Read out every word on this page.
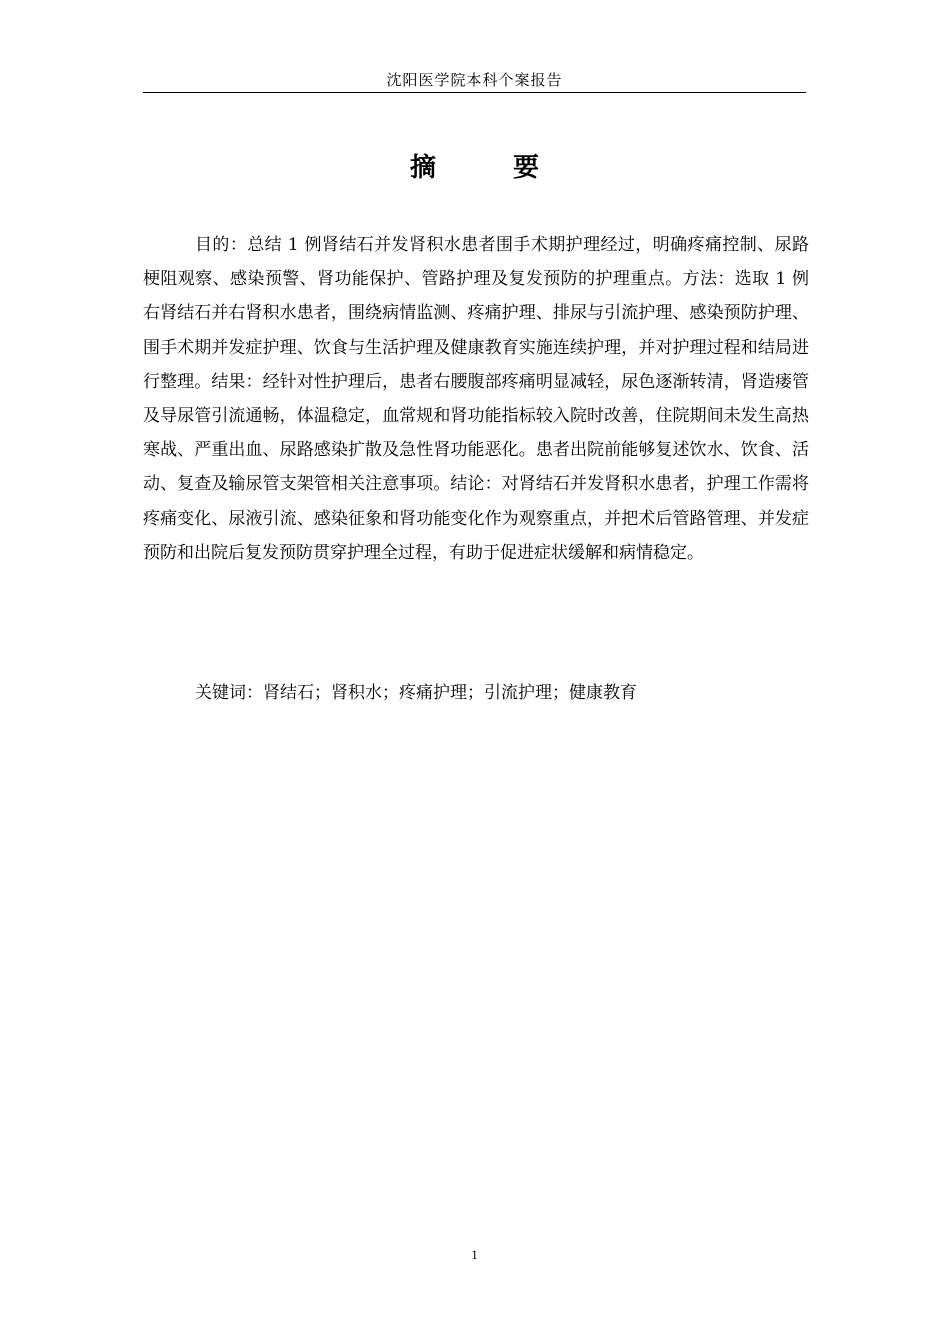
沈阳医学院本科个案报告
摘 要

目的：总结 1 例肾结石并发肾积水患者围手术期护理经过，明确疼痛控制、尿路梗阻观察、感染预警、肾功能保护、管路护理及复发预防的护理重点。方法：选取 1 例右肾结石并右肾积水患者，围绕病情监测、疼痛护理、排尿与引流护理、感染预防护理、围手术期并发症护理、饮食与生活护理及健康教育实施连续护理，并对护理过程和结局进行整理。结果：经针对性护理后，患者右腰腹部疼痛明显减轻，尿色逐渐转清，肾造瘘管及导尿管引流通畅，体温稳定，血常规和肾功能指标较入院时改善，住院期间未发生高热寒战、严重出血、尿路感染扩散及急性肾功能恶化。患者出院前能够复述饮水、饮食、活动、复查及输尿管支架管相关注意事项。结论：对肾结石并发肾积水患者，护理工作需将疼痛变化、尿液引流、感染征象和肾功能变化作为观察重点，并把术后管路管理、并发症预防和出院后复发预防贯穿护理全过程，有助于促进症状缓解和病情稳定。

关键词：肾结石；肾积水；疼痛护理；引流护理；健康教育

1
